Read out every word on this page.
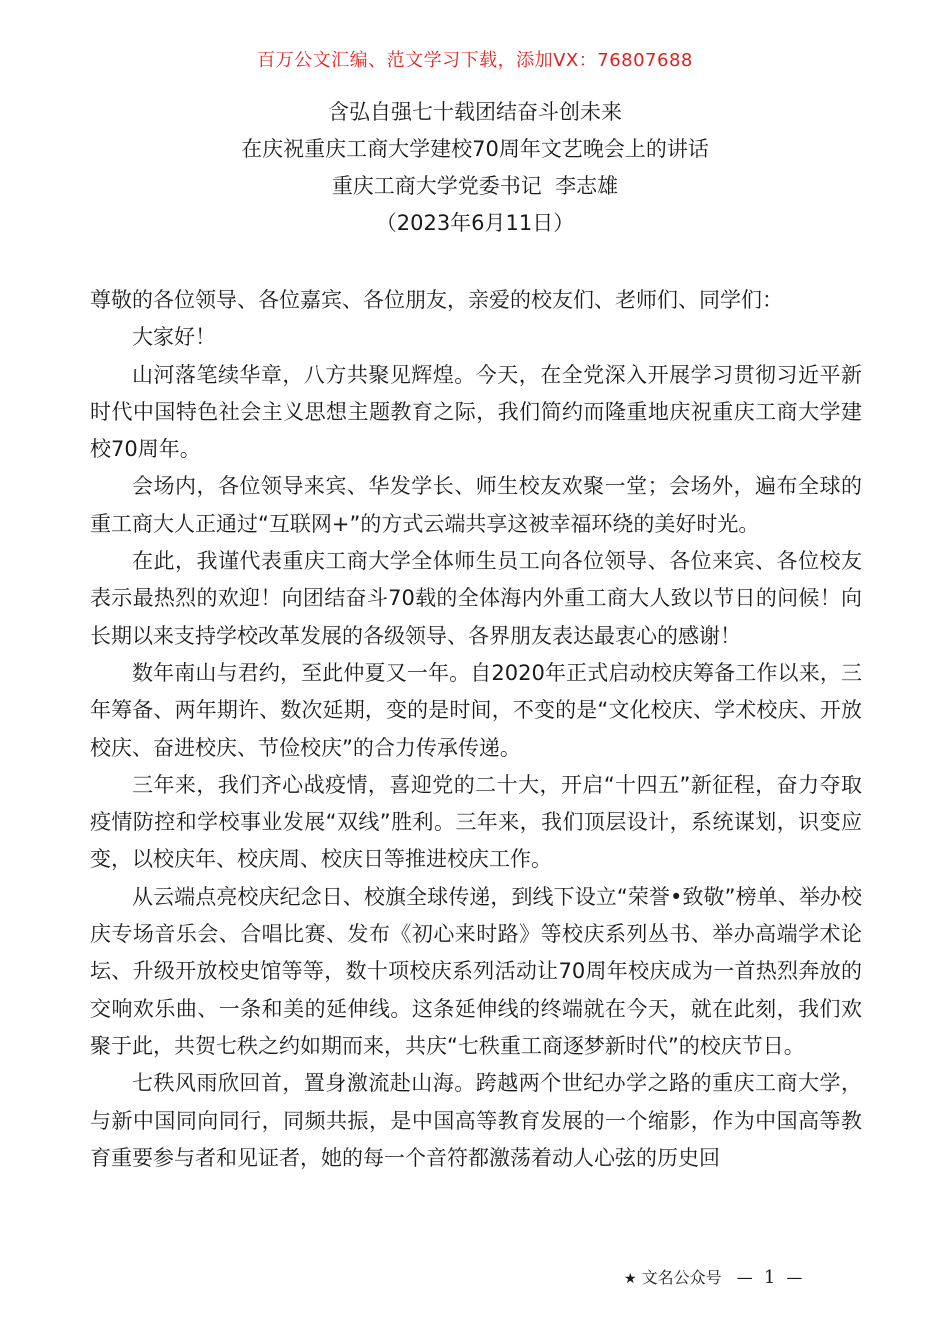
百万公文汇编、范文学习下载，添加VX：76807688
含弘自强七十载团结奋斗创未来
在庆祝重庆工商大学建校70周年文艺晚会上的讲话
重庆工商大学党委书记  李志雄
（2023年6月11日）

尊敬的各位领导、各位嘉宾、各位朋友，亲爱的校友们、老师们、同学们：

大家好！

山河落笔续华章，八方共聚见辉煌。今天，在全党深入开展学习贯彻习近平新时代中国特色社会主义思想主题教育之际，我们简约而隆重地庆祝重庆工商大学建校70周年。

会场内，各位领导来宾、华发学长、师生校友欢聚一堂；会场外，遍布全球的重工商大人正通过“互联网+”的方式云端共享这被幸福环绕的美好时光。

在此，我谨代表重庆工商大学全体师生员工向各位领导、各位来宾、各位校友表示最热烈的欢迎！向团结奋斗70载的全体海内外重工商大人致以节日的问候！向长期以来支持学校改革发展的各级领导、各界朋友表达最衷心的感谢！

数年南山与君约，至此仲夏又一年。自2020年正式启动校庆筹备工作以来，三年筹备、两年期许、数次延期，变的是时间，不变的是“文化校庆、学术校庆、开放校庆、奋进校庆、节俭校庆”的合力传承传递。

三年来，我们齐心战疫情，喜迎党的二十大，开启“十四五”新征程，奋力夺取疫情防控和学校事业发展“双线”胜利。三年来，我们顶层设计，系统谋划，识变应变，以校庆年、校庆周、校庆日等推进校庆工作。

从云端点亮校庆纪念日、校旗全球传递，到线下设立“荣誉•致敬”榜单、举办校庆专场音乐会、合唱比赛、发布《初心来时路》等校庆系列丛书、举办高端学术论坛、升级开放校史馆等等，数十项校庆系列活动让70周年校庆成为一首热烈奔放的交响欢乐曲、一条和美的延伸线。这条延伸线的终端就在今天，就在此刻，我们欢聚于此，共贺七秩之约如期而来，共庆“七秩重工商逐梦新时代”的校庆节日。

七秩风雨欣回首，置身激流赴山海。跨越两个世纪办学之路的重庆工商大学，与新中国同向同行，同频共振，是中国高等教育发展的一个缩影，作为中国高等教育重要参与者和见证者，她的每一个音符都激荡着动人心弦的历史回

★ 文名公众号 — 1 —
